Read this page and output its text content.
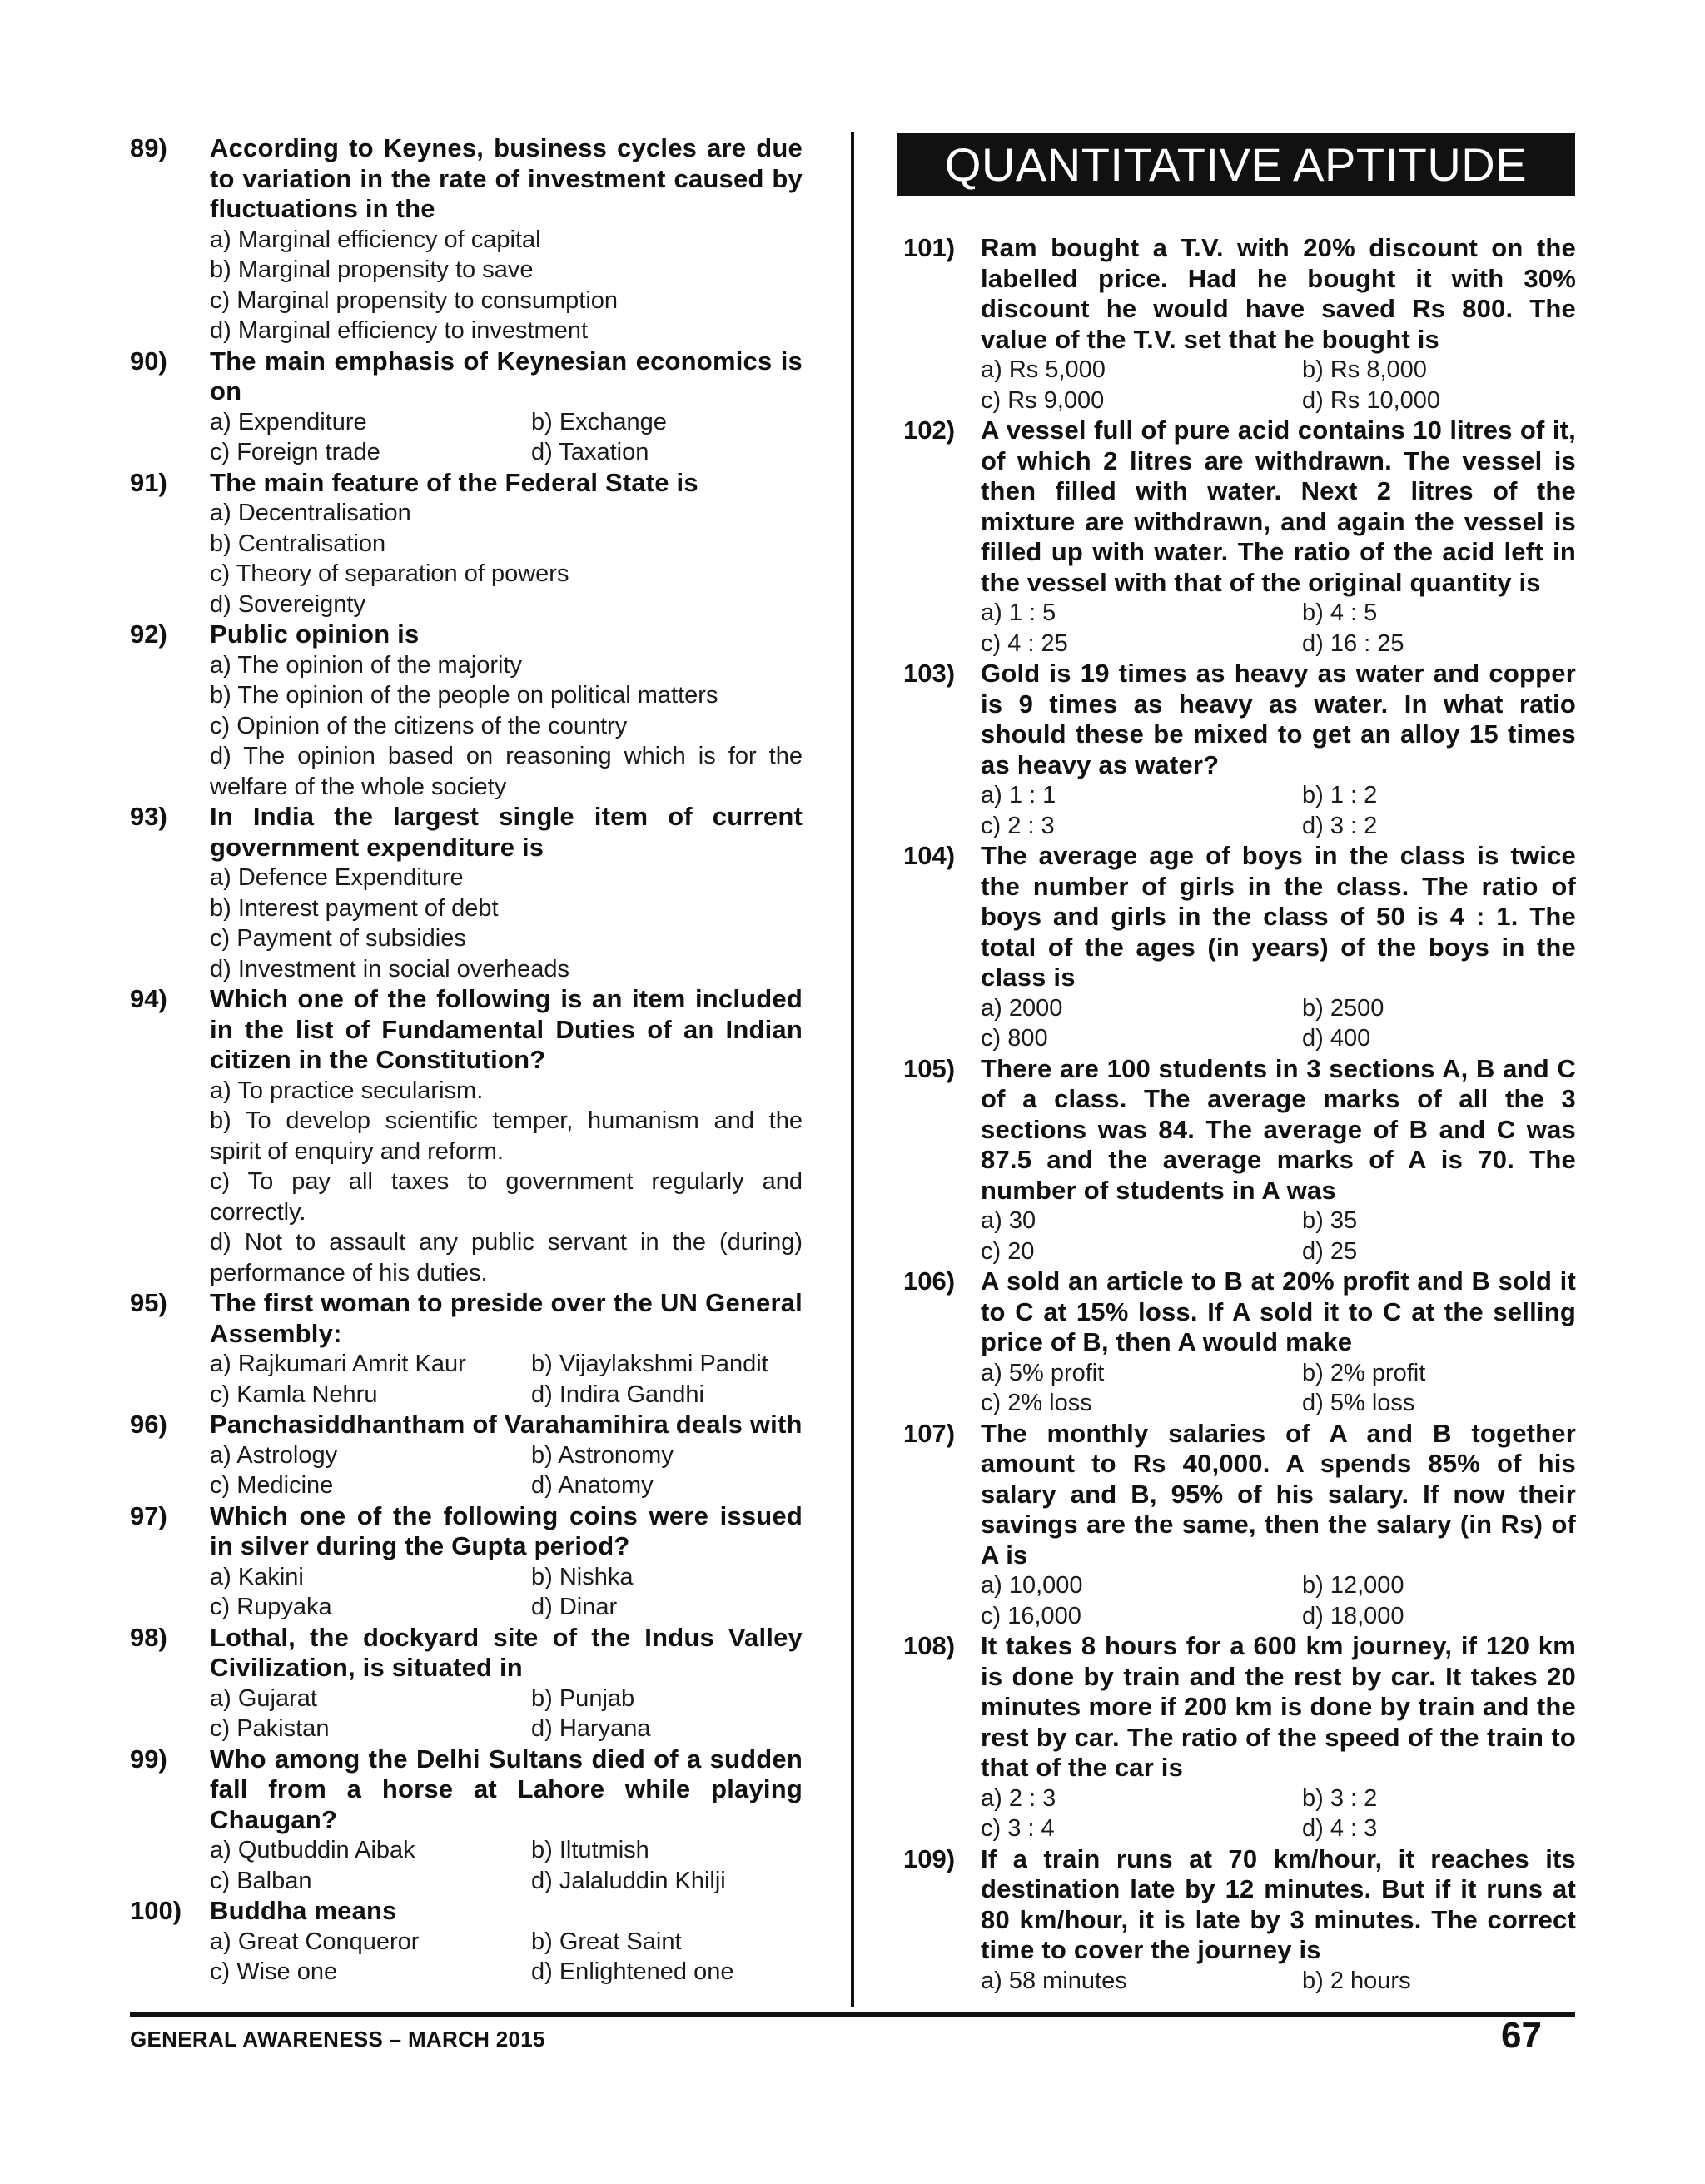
QUANTITATIVE APTITUDE
89) According to Keynes, business cycles are due to variation in the rate of investment caused by fluctuations in the
a) Marginal efficiency of capital
b) Marginal propensity to save
c) Marginal propensity to consumption
d) Marginal efficiency to investment
90) The main emphasis of Keynesian economics is on
a) Expenditure	b) Exchange
c) Foreign trade	d) Taxation
91) The main feature of the Federal State is
a) Decentralisation
b) Centralisation
c) Theory of separation of powers
d) Sovereignty
92) Public opinion is
a) The opinion of the majority
b) The opinion of the people on political matters
c) Opinion of the citizens of the country
d) The opinion based on reasoning which is for the welfare of the whole society
93) In India the largest single item of current government expenditure is
a) Defence Expenditure
b) Interest payment of debt
c) Payment of subsidies
d) Investment in social overheads
94) Which one of the following is an item included in the list of Fundamental Duties of an Indian citizen in the Constitution?
a) To practice secularism.
b) To develop scientific temper, humanism and the spirit of enquiry and reform.
c) To pay all taxes to government regularly and correctly.
d) Not to assault any public servant in the (during) performance of his duties.
95) The first woman to preside over the UN General Assembly:
a) Rajkumari Amrit Kaur	b) Vijaylakshmi Pandit
c) Kamla Nehru	d) Indira Gandhi
96) Panchasiddhantham of Varahamihira deals with
a) Astrology	b) Astronomy
c) Medicine	d) Anatomy
97) Which one of the following coins were issued in silver during the Gupta period?
a) Kakini	b) Nishka
c) Rupyaka	d) Dinar
98) Lothal, the dockyard site of the Indus Valley Civilization, is situated in
a) Gujarat	b) Punjab
c) Pakistan	d) Haryana
99) Who among the Delhi Sultans died of a sudden fall from a horse at Lahore while playing Chaugan?
a) Qutbuddin Aibak	b) Iltutmish
c) Balban	d) Jalaluddin Khilji
100) Buddha means
a) Great Conqueror	b) Great Saint
c) Wise one	d) Enlightened one
101) Ram bought a T.V. with 20% discount on the labelled price. Had he bought it with 30% discount he would have saved Rs 800. The value of the T.V. set that he bought is
a) Rs 5,000	b) Rs 8,000
c) Rs 9,000	d) Rs 10,000
102) A vessel full of pure acid contains 10 litres of it, of which 2 litres are withdrawn. The vessel is then filled with water. Next 2 litres of the mixture are withdrawn, and again the vessel is filled up with water. The ratio of the acid left in the vessel with that of the original quantity is
a) 1 : 5	b) 4 : 5
c) 4 : 25	d) 16 : 25
103) Gold is 19 times as heavy as water and copper is 9 times as heavy as water. In what ratio should these be mixed to get an alloy 15 times as heavy as water?
a) 1 : 1	b) 1 : 2
c) 2 : 3	d) 3 : 2
104) The average age of boys in the class is twice the number of girls in the class. The ratio of boys and girls in the class of 50 is 4 : 1. The total of the ages (in years) of the boys in the class is
a) 2000	b) 2500
c) 800	d) 400
105) There are 100 students in 3 sections A, B and C of a class. The average marks of all the 3 sections was 84. The average of B and C was 87.5 and the average marks of A is 70. The number of students in A was
a) 30	b) 35
c) 20	d) 25
106) A sold an article to B at 20% profit and B sold it to C at 15% loss. If A sold it to C at the selling price of B, then A would make
a) 5% profit	b) 2% profit
c) 2% loss	d) 5% loss
107) The monthly salaries of A and B together amount to Rs 40,000. A spends 85% of his salary and B, 95% of his salary. If now their savings are the same, then the salary (in Rs) of A is
a) 10,000	b) 12,000
c) 16,000	d) 18,000
108) It takes 8 hours for a 600 km journey, if 120 km is done by train and the rest by car. It takes 20 minutes more if 200 km is done by train and the rest by car. The ratio of the speed of the train to that of the car is
a) 2 : 3	b) 3 : 2
c) 3 : 4	d) 4 : 3
109) If a train runs at 70 km/hour, it reaches its destination late by 12 minutes. But if it runs at 80 km/hour, it is late by 3 minutes. The correct time to cover the journey is
a) 58 minutes	b) 2 hours
GENERAL AWARENESS – MARCH 2015	67
